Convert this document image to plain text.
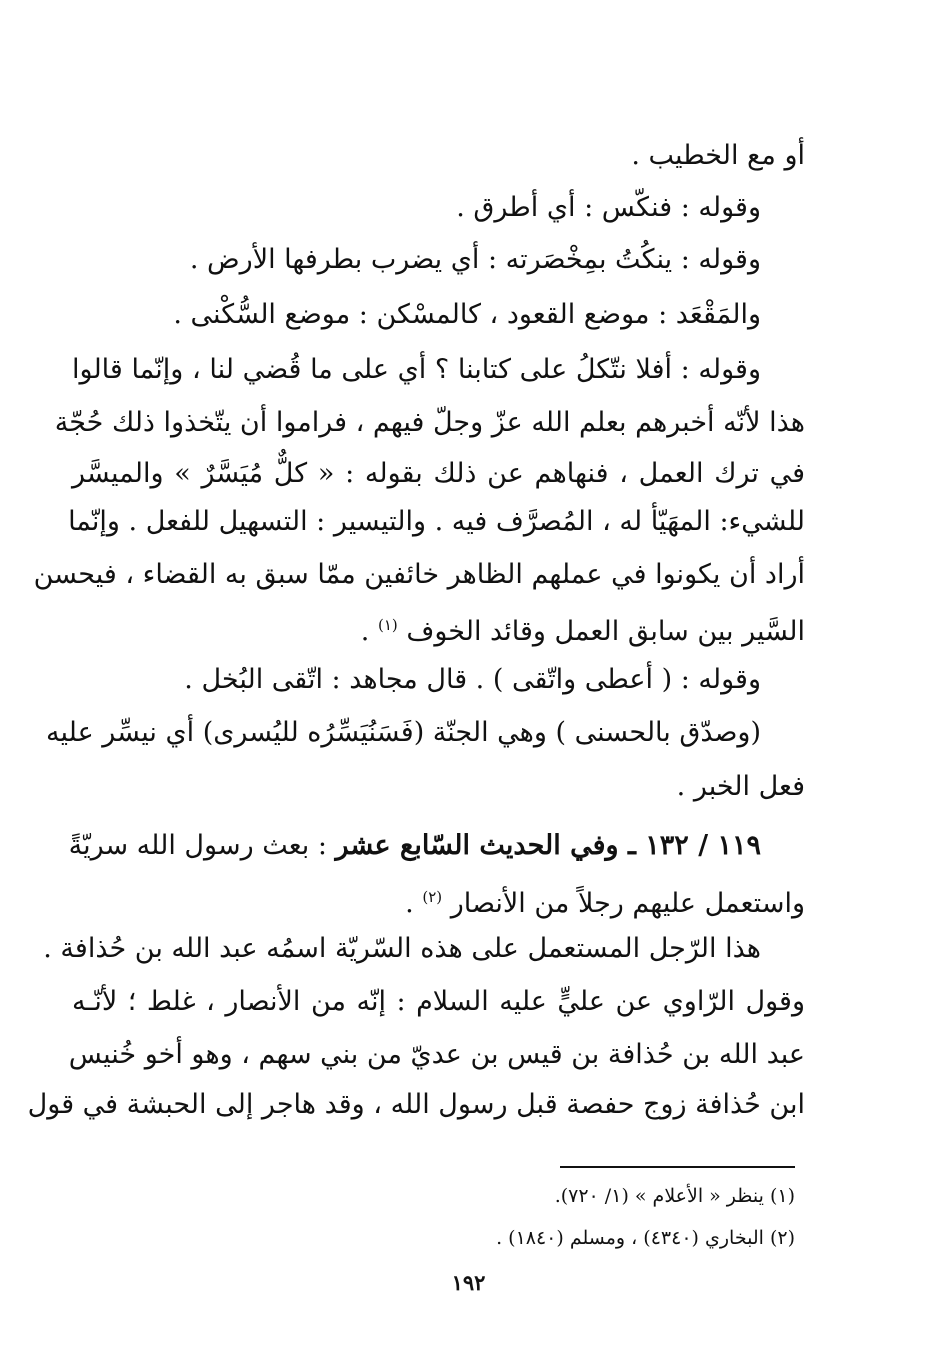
أو مع الخطيب .
وقوله : فنكّس : أي أطرق .
وقوله : ينكُتُ بمِخْصَرته : أي يضرب بطرفها الأرض .
والمَقْعَد : موضع القعود ، كالمسْكن : موضع السُّكْنى .
وقوله : أفلا نتّكلُ على كتابنا ؟ أي على ما قُضي لنا ، وإنّما قالوا
هذا لأنّه أخبرهم بعلم الله عزّ وجلّ فيهم ، فراموا أن يتّخذوا ذلك حُجّة
في ترك العمل ، فنهاهم عن ذلك بقوله : « كلٌّ مُيَسَّرٌ » والميسَّر
للشيء: المهَيّأ له ، المُصرَّف فيه . والتيسير : التسهيل للفعل . وإنّما
أراد أن يكونوا في عملهم الظاهر خائفين ممّا سبق به القضاء ، فيحسن
السَّير بين سابق العمل وقائد الخوف $^{(١)}$ .
وقوله : ( أعطى واتّقى ) . قال مجاهد : اتّقى البُخل .
(وصدّق بالحسنى ) وهي الجنّة (فَسَنُيَسِّرُه لليُسرى) أي نيسِّر عليه
فعل الخبر .
١١٩ / ١٣٢ ـ وفي الحديث السّابع عشر : بعث رسول الله سريّةً
واستعمل عليهم رجلاً من الأنصار $^{(٢)}$ .
هذا الرّجل المستعمل على هذه السّريّة اسمُه عبد الله بن حُذافة .
وقول الرّاوي عن عليٍّ عليه السلام : إنّه من الأنصار ، غلط ؛ لأنّـه
عبد الله بن حُذافة بن قيس بن عديّ من بني سهم ، وهو أخو خُنيس
ابن حُذافة زوج حفصة قبل رسول الله ، وقد هاجر إلى الحبشة في قول
(١) ينظر « الأعلام » (١/ ٧٢٠).
(٢) البخاري (٤٣٤٠) ، ومسلم (١٨٤٠) .
١٩٢
